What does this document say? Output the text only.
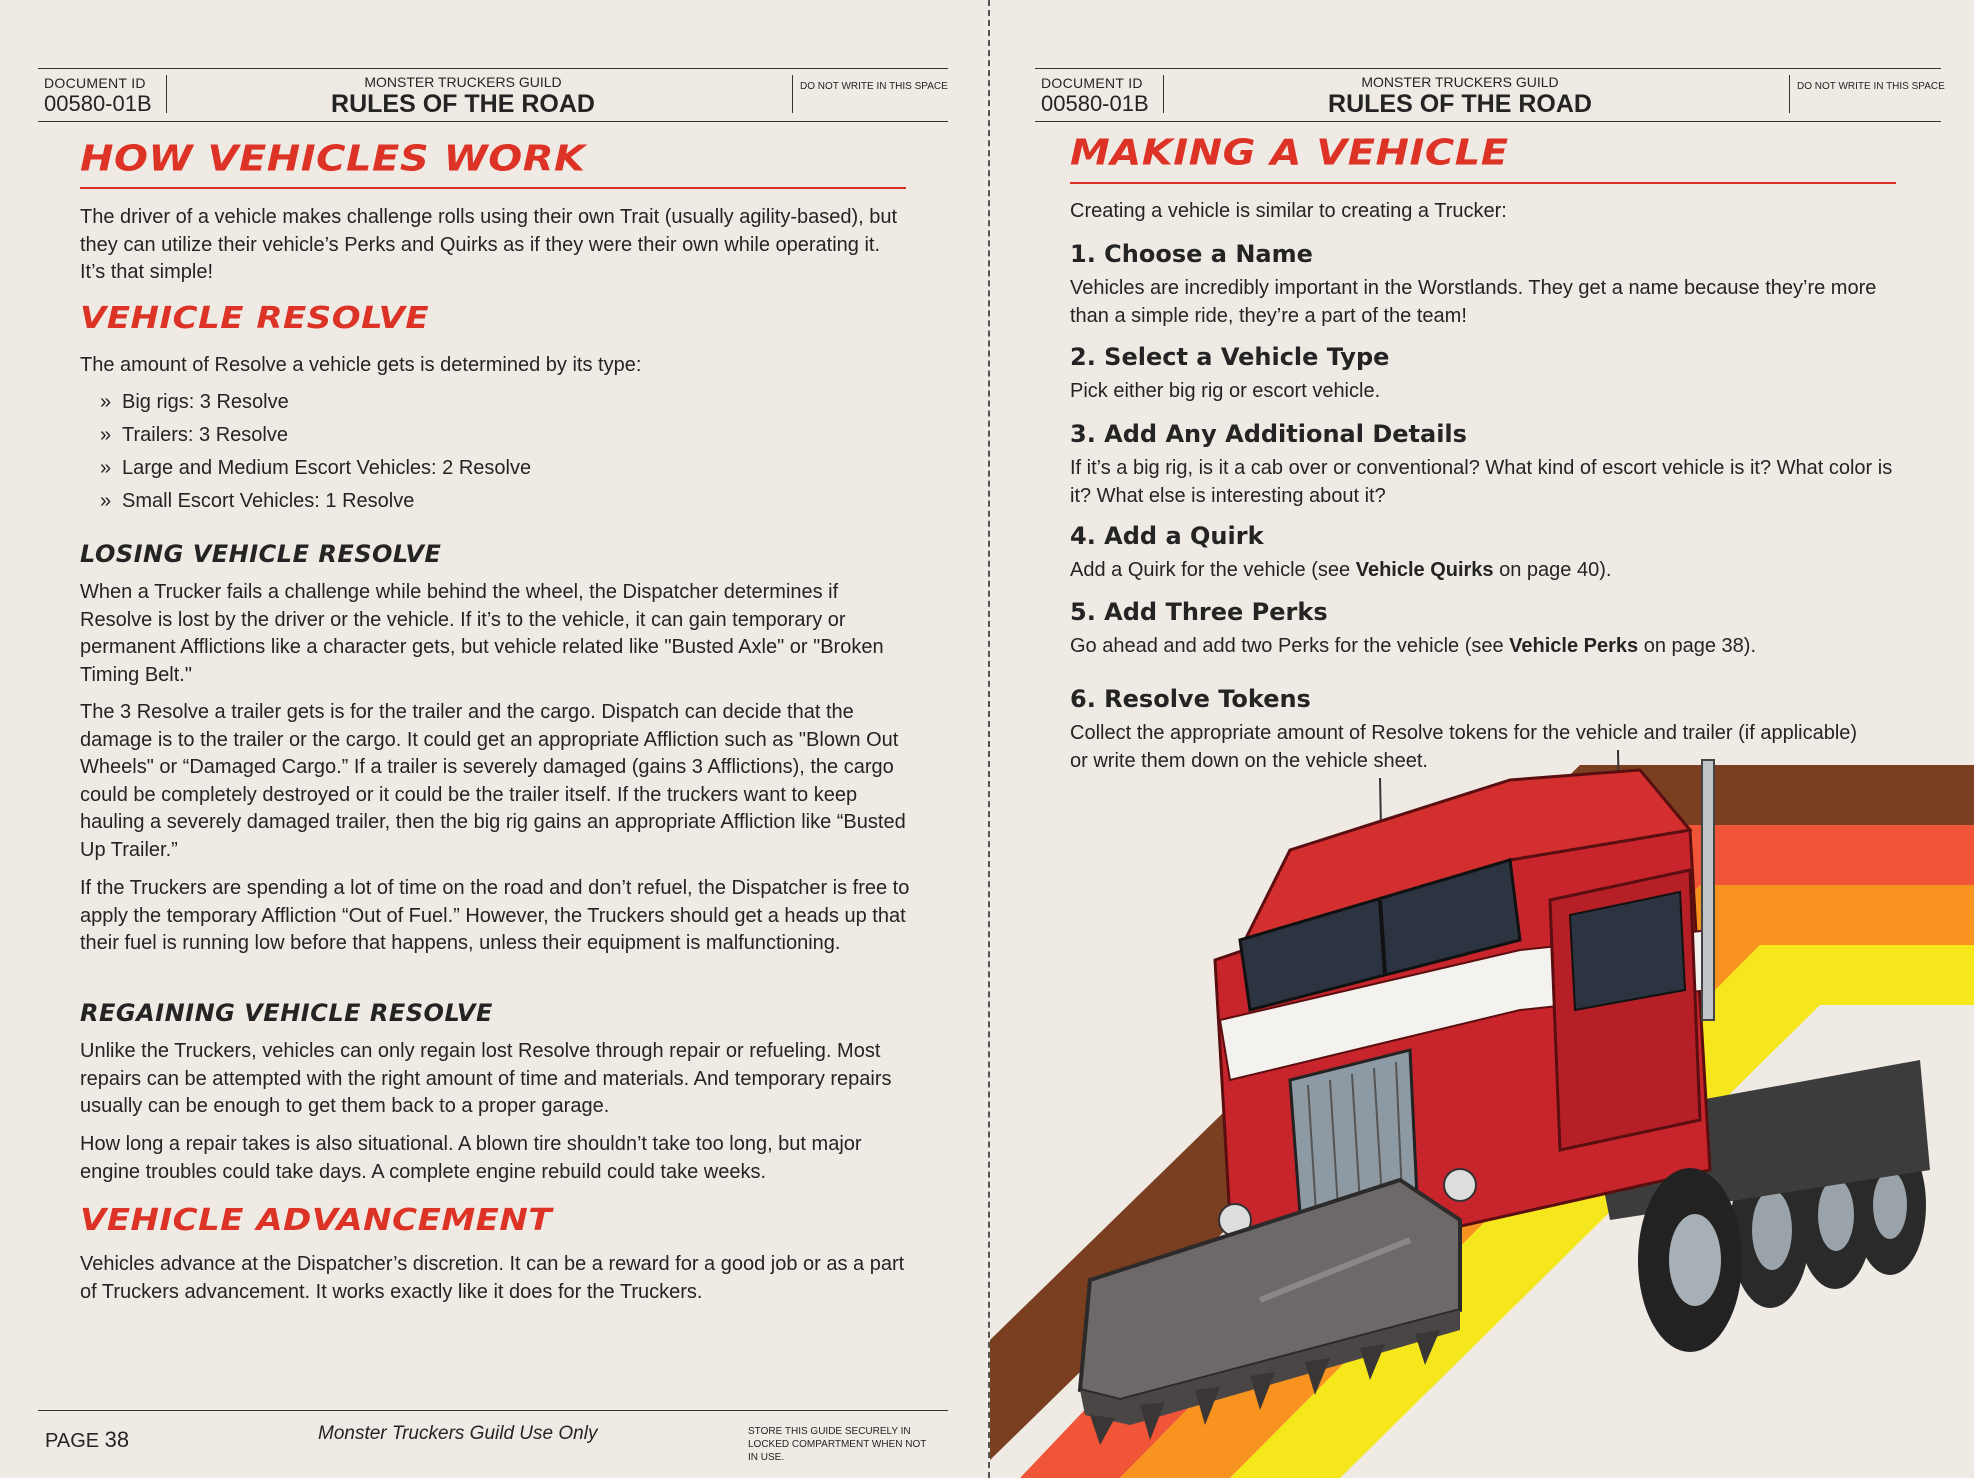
DOCUMENT ID
00580-01B
MONSTER TRUCKERS GUILD
RULES OF THE ROAD
DO NOT WRITE IN THIS SPACE
HOW VEHICLES WORK

The driver of a vehicle makes challenge rolls using their own Trait (usually agility-based), but they can utilize their vehicle’s Perks and Quirks as if they were their own while operating it. It’s that simple!

VEHICLE RESOLVE

The amount of Resolve a vehicle gets is determined by its type:

» Big rigs: 3 Resolve
» Trailers: 3 Resolve
» Large and Medium Escort Vehicles: 2 Resolve
» Small Escort Vehicles: 1 Resolve
LOSING VEHICLE RESOLVE

When a Trucker fails a challenge while behind the wheel, the Dispatcher determines if Resolve is lost by the driver or the vehicle. If it’s to the vehicle, it can gain temporary or permanent Afflictions like a character gets, but vehicle related like "Busted Axle" or "Broken Timing Belt."

The 3 Resolve a trailer gets is for the trailer and the cargo. Dispatch can decide that the damage is to the trailer or the cargo. It could get an appropriate Affliction such as "Blown Out Wheels" or “Damaged Cargo.” If a trailer is severely damaged (gains 3 Afflictions), the cargo could be completely destroyed or it could be the trailer itself. If the truckers want to keep hauling a severely damaged trailer, then the big rig gains an appropriate Affliction like “Busted Up Trailer.”

If the Truckers are spending a lot of time on the road and don’t refuel, the Dispatcher is free to apply the temporary Affliction “Out of Fuel.” However, the Truckers should get a heads up that their fuel is running low before that happens, unless their equipment is malfunctioning.

REGAINING VEHICLE RESOLVE

Unlike the Truckers, vehicles can only regain lost Resolve through repair or refueling. Most repairs can be attempted with the right amount of time and materials. And temporary repairs usually can be enough to get them back to a proper garage.

How long a repair takes is also situational. A blown tire shouldn’t take too long, but major engine troubles could take days. A complete engine rebuild could take weeks.

VEHICLE ADVANCEMENT

Vehicles advance at the Dispatcher’s discretion. It can be a reward for a good job or as a part of Truckers advancement. It works exactly like it does for the Truckers.

PAGE 38	Monster Truckers Guild Use Only	STORE THIS GUIDE SECURELY IN LOCKED COMPARTMENT WHEN NOT IN USE.
DOCUMENT ID
00580-01B
MONSTER TRUCKERS GUILD
RULES OF THE ROAD
DO NOT WRITE IN THIS SPACE
MAKING A VEHICLE

Creating a vehicle is similar to creating a Trucker:

1. Choose a Name

Vehicles are incredibly important in the Worstlands. They get a name because they’re more than a simple ride, they’re a part of the team!

2. Select a Vehicle Type

Pick either big rig or escort vehicle.

3. Add Any Additional Details

If it’s a big rig, is it a cab over or conventional? What kind of escort vehicle is it? What color is it? What else is interesting about it?

4. Add a Quirk

Add a Quirk for the vehicle (see Vehicle Quirks on page 40).

5. Add Three Perks

Go ahead and add two Perks for the vehicle (see Vehicle Perks on page 38).

6. Resolve Tokens

Collect the appropriate amount of Resolve tokens for the vehicle and trailer (if applicable) or write them down on the vehicle sheet.
